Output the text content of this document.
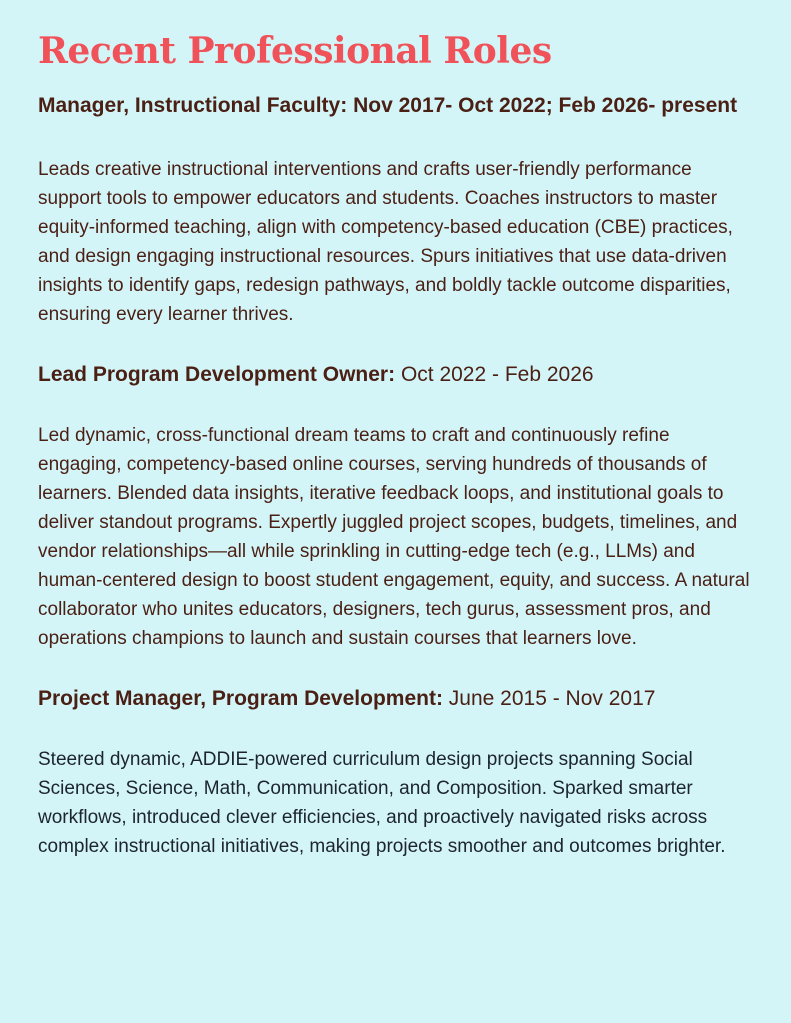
Recent Professional Roles
Manager, Instructional Faculty: Nov 2017- Oct 2022; Feb 2026- present

Leads creative instructional interventions and crafts user-friendly performance support tools to empower educators and students. Coaches instructors to master equity-informed teaching, align with competency-based education (CBE) practices, and design engaging instructional resources. Spurs initiatives that use data-driven insights to identify gaps, redesign pathways, and boldly tackle outcome disparities, ensuring every learner thrives.

Lead Program Development Owner: Oct 2022 - Feb 2026

Led dynamic, cross-functional dream teams to craft and continuously refine engaging, competency-based online courses, serving hundreds of thousands of learners. Blended data insights, iterative feedback loops, and institutional goals to deliver standout programs. Expertly juggled project scopes, budgets, timelines, and vendor relationships—all while sprinkling in cutting-edge tech (e.g., LLMs) and human-centered design to boost student engagement, equity, and success. A natural collaborator who unites educators, designers, tech gurus, assessment pros, and operations champions to launch and sustain courses that learners love.

Project Manager, Program Development: June 2015 - Nov 2017

Steered dynamic, ADDIE-powered curriculum design projects spanning Social Sciences, Science, Math, Communication, and Composition. Sparked smarter workflows, introduced clever efficiencies, and proactively navigated risks across complex instructional initiatives, making projects smoother and outcomes brighter.
